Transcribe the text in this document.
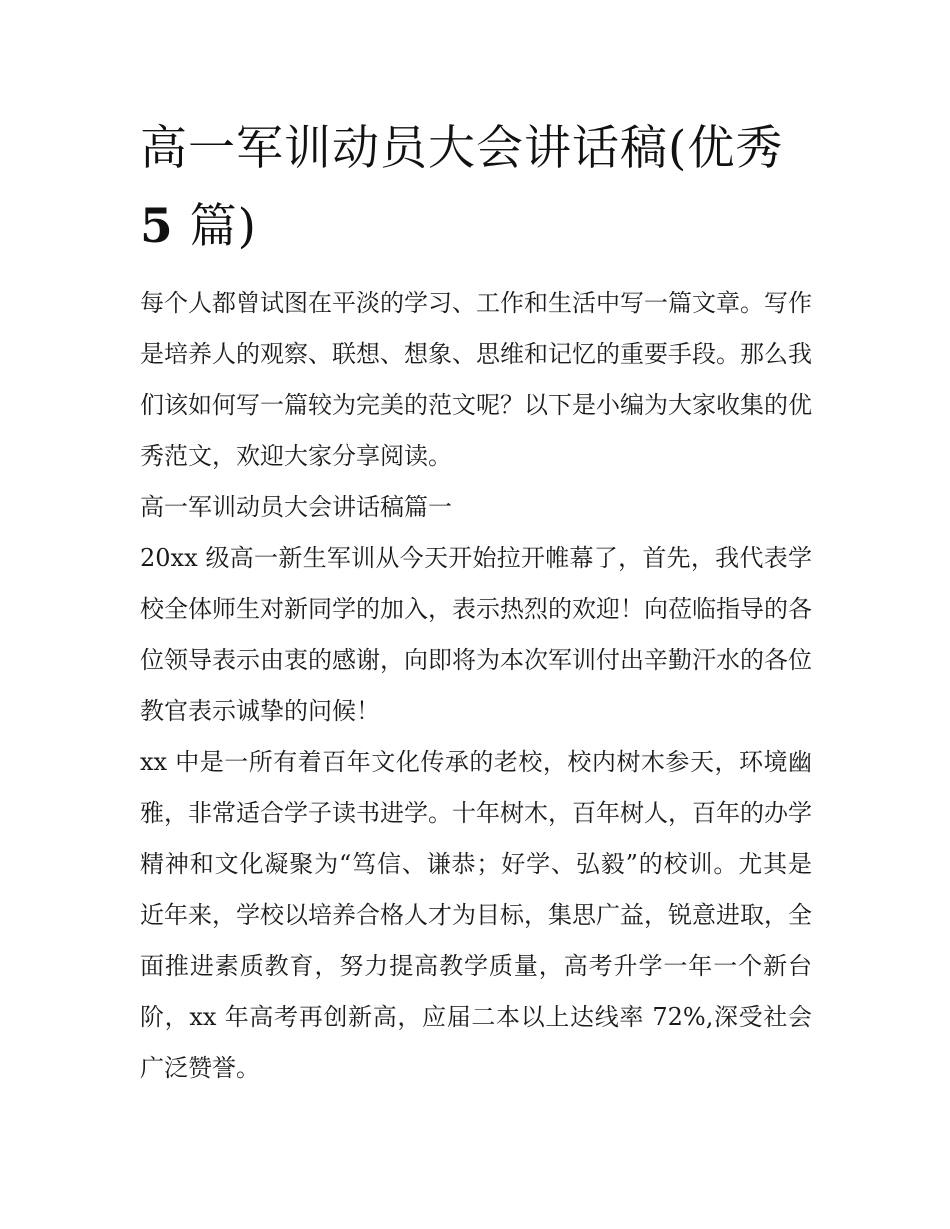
高一军训动员大会讲话稿(优秀
5 篇)

每个人都曾试图在平淡的学习、工作和生活中写一篇文章。写作是培养人的观察、联想、想象、思维和记忆的重要手段。那么我们该如何写一篇较为完美的范文呢？以下是小编为大家收集的优秀范文，欢迎大家分享阅读。

高一军训动员大会讲话稿篇一

20xx 级高一新生军训从今天开始拉开帷幕了，首先，我代表学校全体师生对新同学的加入，表示热烈的欢迎！向莅临指导的各位领导表示由衷的感谢，向即将为本次军训付出辛勤汗水的各位教官表示诚挚的问候！

xx 中是一所有着百年文化传承的老校，校内树木参天，环境幽雅，非常适合学子读书进学。十年树木，百年树人，百年的办学精神和文化凝聚为“笃信、谦恭；好学、弘毅”的校训。尤其是近年来，学校以培养合格人才为目标，集思广益，锐意进取，全面推进素质教育，努力提高教学质量，高考升学一年一个新台阶，xx 年高考再创新高，应届二本以上达线率 72%,深受社会广泛赞誉。
